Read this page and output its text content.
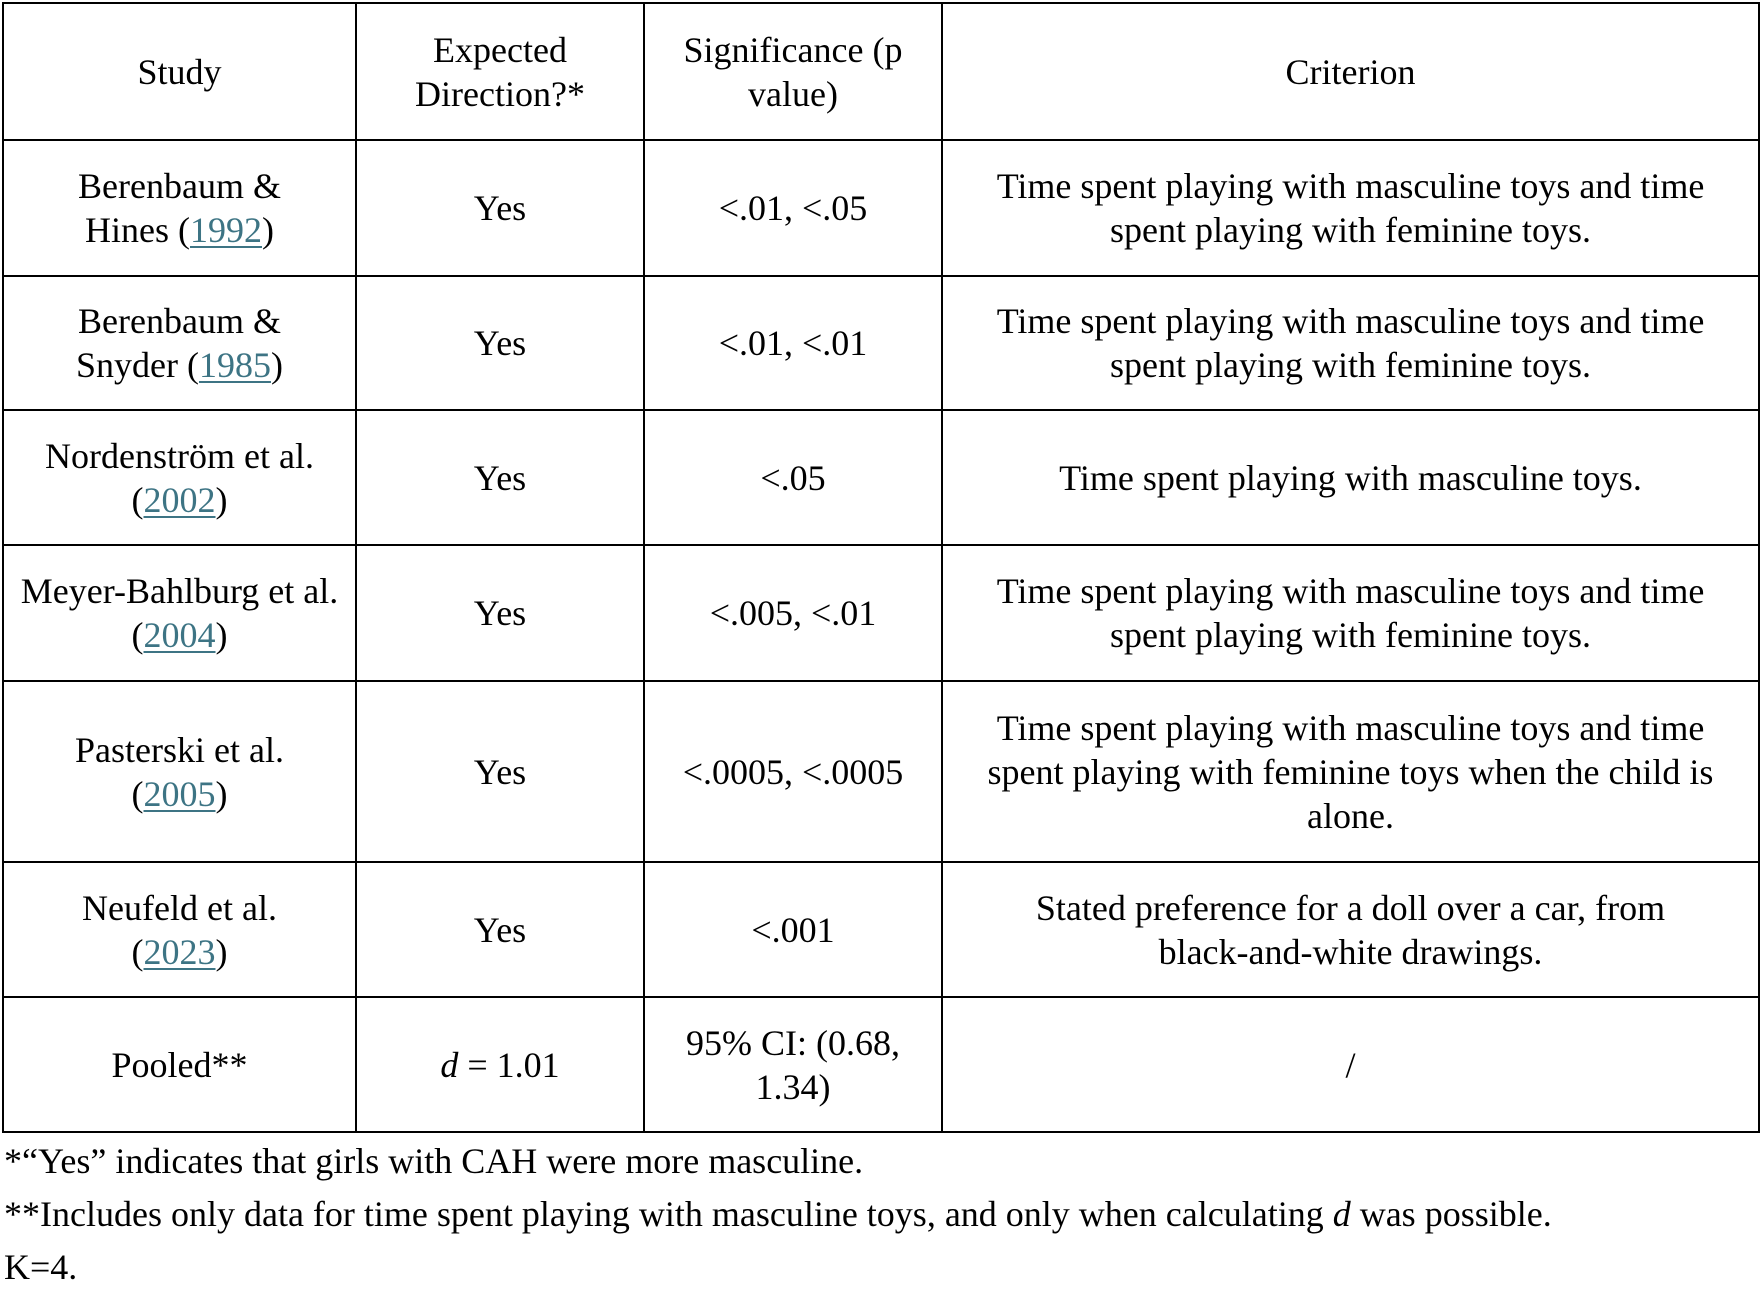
Study	Expected Direction?*	Significance (p value)	Criterion
Berenbaum & Hines (1992)	Yes	<.01, <.05	Time spent playing with masculine toys and time spent playing with feminine toys.
Berenbaum & Snyder (1985)	Yes	<.01, <.01	Time spent playing with masculine toys and time spent playing with feminine toys.
Nordenström et al. (2002)	Yes	<.05	Time spent playing with masculine toys.
Meyer-Bahlburg et al. (2004)	Yes	<.005, <.01	Time spent playing with masculine toys and time spent playing with feminine toys.
Pasterski et al. (2005)	Yes	<.0005, <.0005	Time spent playing with masculine toys and time spent playing with feminine toys when the child is alone.
Neufeld et al. (2023)	Yes	<.001	Stated preference for a doll over a car, from black-and-white drawings.
Pooled**	d = 1.01	95% CI: (0.68, 1.34)	/
*“Yes” indicates that girls with CAH were more masculine.
**Includes only data for time spent playing with masculine toys, and only when calculating d was possible.
K=4.
